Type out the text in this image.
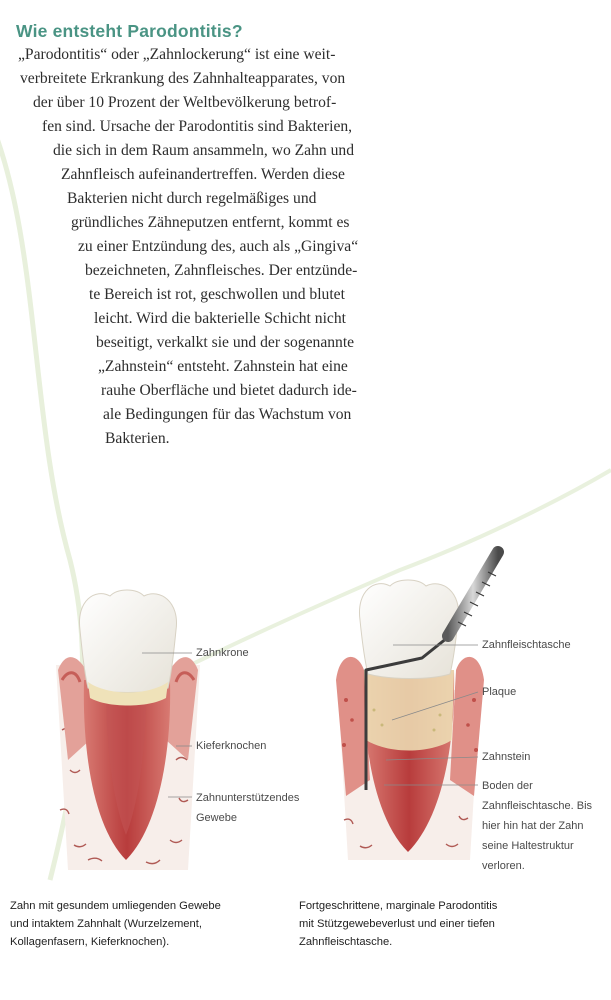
Wie entsteht Parodontitis?
„Parodontitis“ oder „Zahnlockerung“ ist eine weit-
verbreitete Erkrankung des Zahnhalteapparates, von
der über 10 Prozent der Weltbevölkerung betrof-
fen sind. Ursache der Parodontitis sind Bakterien,
die sich in dem Raum ansammeln, wo Zahn und
Zahnfleisch aufeinandertreffen. Werden diese
Bakterien nicht durch regelmäßiges und
gründliches Zähneputzen entfernt, kommt es
zu einer Entzündung des, auch als „Gingiva“
bezeichneten, Zahnfleisches. Der entzünde-
te Bereich ist rot, geschwollen und blutet
leicht. Wird die bakterielle Schicht nicht
beseitigt, verkalkt sie und der sogenannte
„Zahnstein“ entsteht. Zahnstein hat eine
rauhe Oberfläche und bietet dadurch ide-
ale Bedingungen für das Wachstum von
Bakterien.
Zahnkrone
Kieferknochen
Zahnunterstützendes
Gewebe
Zahnfleischtasche
Plaque
Zahnstein
Boden der
Zahnfleischtasche. Bis
hier hin hat der Zahn
seine Haltestruktur
verloren.
Zahn mit gesundem umliegenden Gewebe
und intaktem Zahnhalt (Wurzelzement,
Kollagenfasern, Kieferknochen).
Fortgeschrittene, marginale Parodontitis
mit Stützgewebeverlust und einer tiefen
Zahnfleischtasche.
